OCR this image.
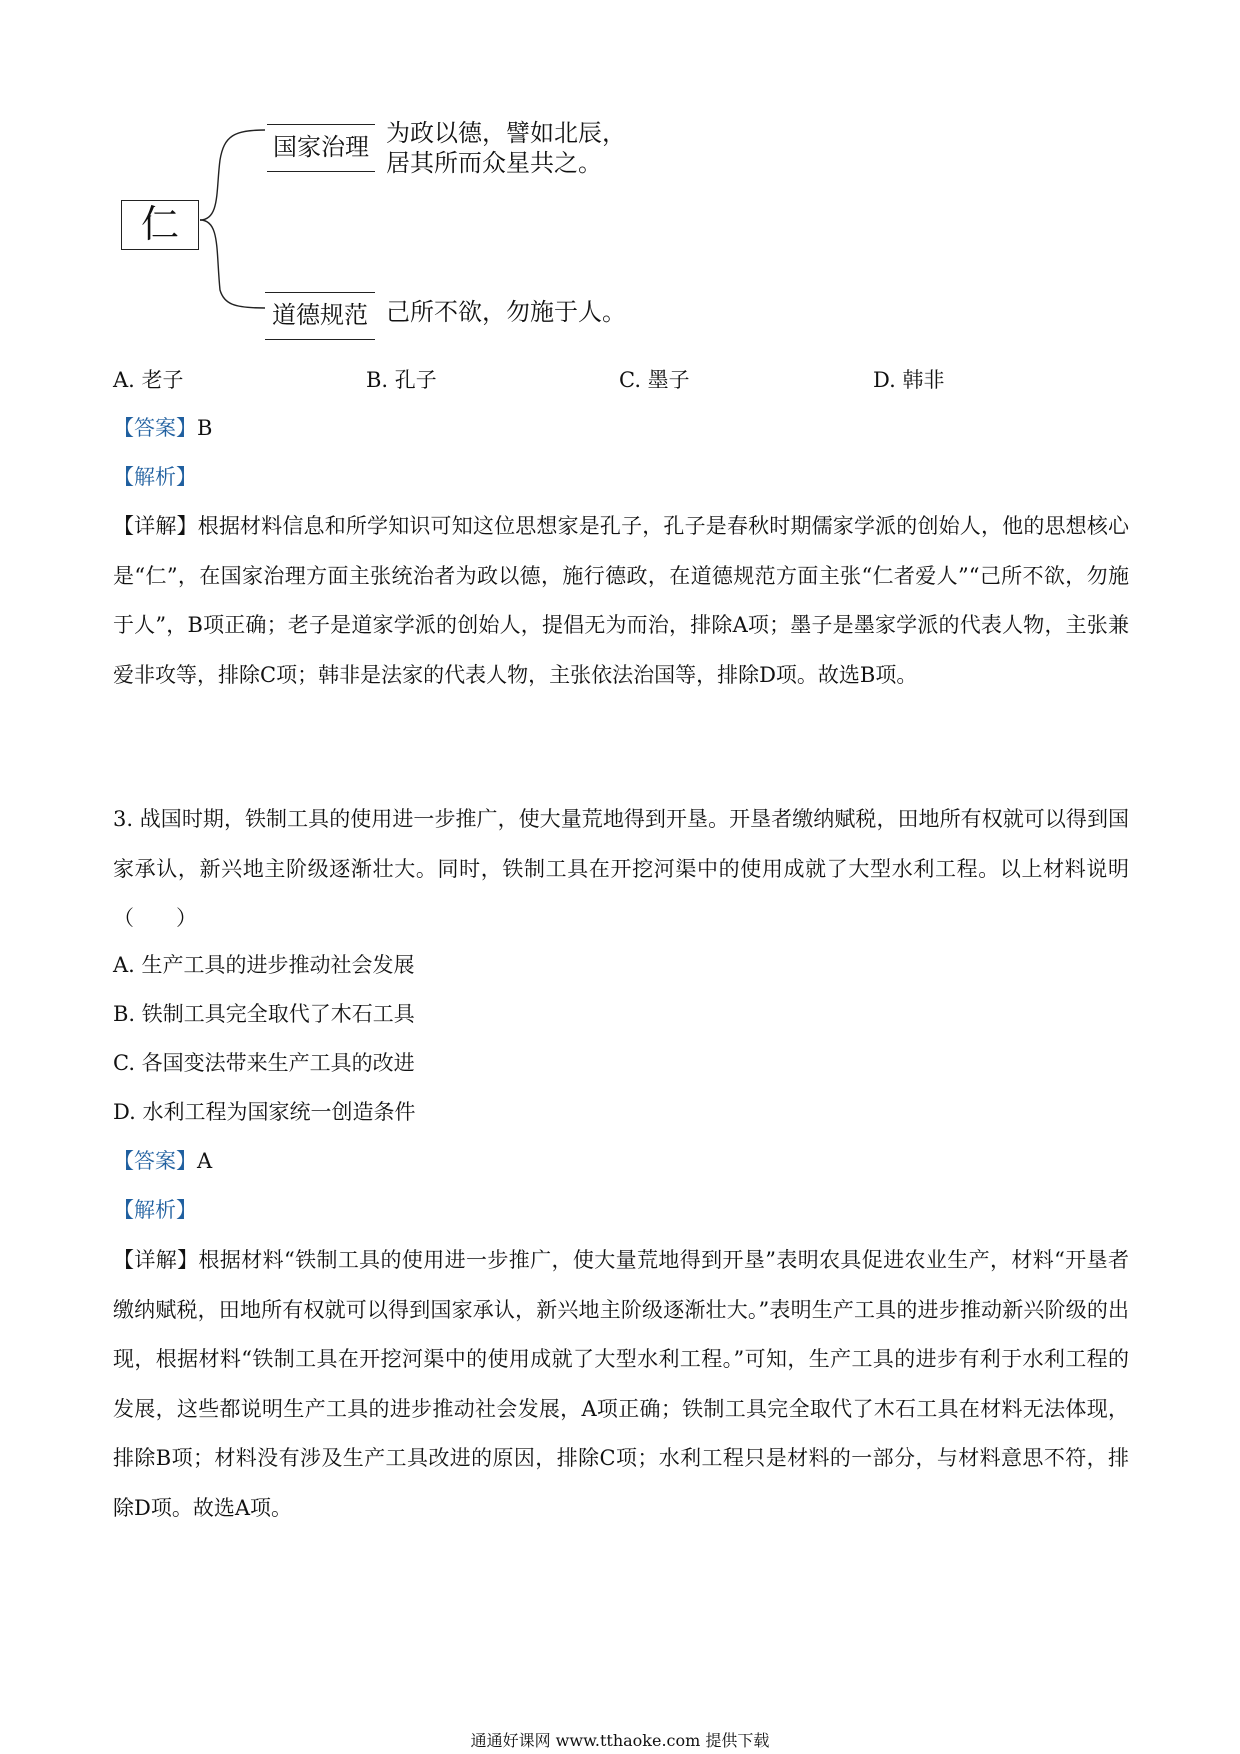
仁
国家治理 为政以德，譬如北辰，
居其所而众星共之。
道德规范 己所不欲，勿施于人。
A. 老子	B. 孔子	C. 墨子	D. 韩非
【答案】B
【解析】
【详解】根据材料信息和所学知识可知这位思想家是孔子，孔子是春秋时期儒家学派的创始人，他的思想核心是“仁”，在国家治理方面主张统治者为政以德，施行德政，在道德规范方面主张“仁者爱人”“己所不欲，勿施于人”，B项正确；老子是道家学派的创始人，提倡无为而治，排除A项；墨子是墨家学派的代表人物，主张兼爱非攻等，排除C项；韩非是法家的代表人物，主张依法治国等，排除D项。故选B项。
3. 战国时期，铁制工具的使用进一步推广，使大量荒地得到开垦。开垦者缴纳赋税，田地所有权就可以得到国家承认，新兴地主阶级逐渐壮大。同时，铁制工具在开挖河渠中的使用成就了大型水利工程。以上材料说明（　　）
A. 生产工具的进步推动社会发展
B. 铁制工具完全取代了木石工具
C. 各国变法带来生产工具的改进
D. 水利工程为国家统一创造条件
【答案】A
【解析】
【详解】根据材料“铁制工具的使用进一步推广，使大量荒地得到开垦”表明农具促进农业生产，材料“开垦者缴纳赋税，田地所有权就可以得到国家承认，新兴地主阶级逐渐壮大。”表明生产工具的进步推动新兴阶级的出现，根据材料“铁制工具在开挖河渠中的使用成就了大型水利工程。”可知，生产工具的进步有利于水利工程的发展，这些都说明生产工具的进步推动社会发展，A项正确；铁制工具完全取代了木石工具在材料无法体现，排除B项；材料没有涉及生产工具改进的原因，排除C项；水利工程只是材料的一部分，与材料意思不符，排除D项。故选A项。
通通好课网 www.tthaoke.com 提供下载
